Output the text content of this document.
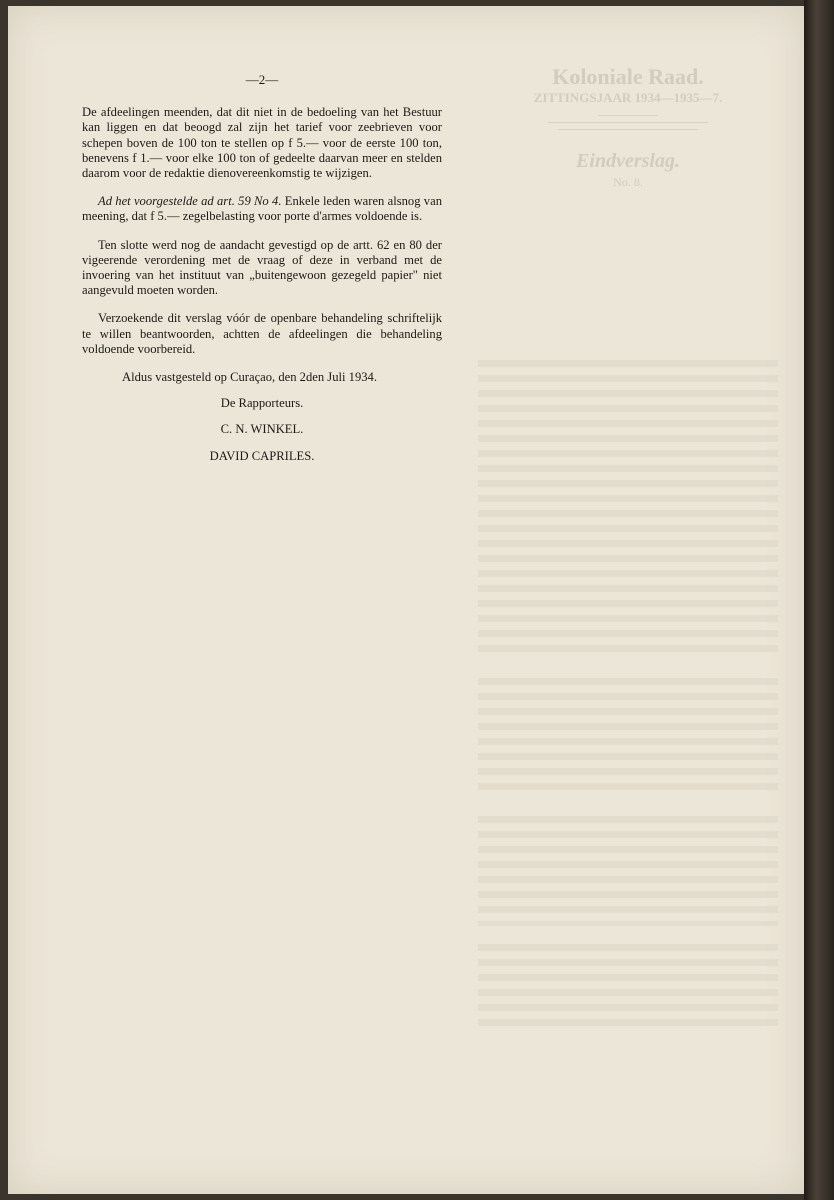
Koloniale Raad.
ZITTINGSJAAR 1934—1935—7.
Eindverslag.
No. 8.
—2—

De afdeelingen meenden, dat dit niet in de bedoeling van het Bestuur kan liggen en dat beoogd zal zijn het tarief voor zeebrieven voor schepen boven de 100 ton te stellen op f 5.— voor de eerste 100 ton, benevens f 1.— voor elke 100 ton of gedeelte daarvan meer en stelden daarom voor de redaktie dienovereenkomstig te wijzigen.

Ad het voorgestelde ad art. 59 No 4. Enkele leden waren alsnog van meening, dat f 5.— zegelbelasting voor porte d'armes voldoende is.

Ten slotte werd nog de aandacht gevestigd op de artt. 62 en 80 der vigeerende verordening met de vraag of deze in verband met de invoering van het instituut van „buitengewoon gezegeld papier" niet aangevuld moeten worden.

Verzoekende dit verslag vóór de openbare behandeling schriftelijk te willen beantwoorden, achtten de afdeelingen die behandeling voldoende voorbereid.

Aldus vastgesteld op Curaçao, den 2den Juli 1934.
De Rapporteurs.
C. N. WINKEL.
DAVID CAPRILES.
